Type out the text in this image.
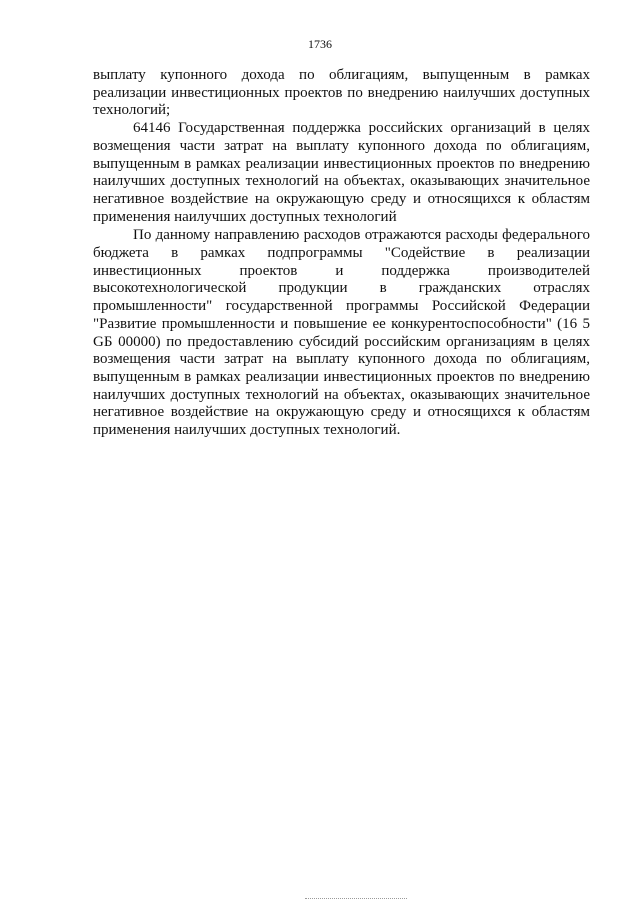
1736

выплату купонного дохода по облигациям, выпущенным в рамках реализации инвестиционных проектов по внедрению наилучших доступных технологий;

64146 Государственная поддержка российских организаций в целях возмещения части затрат на выплату купонного дохода по облигациям, выпущенным в рамках реализации инвестиционных проектов по внедрению наилучших доступных технологий на объектах, оказывающих значительное негативное воздействие на окружающую среду и относящихся к областям применения наилучших доступных технологий

По данному направлению расходов отражаются расходы федерального бюджета в рамках подпрограммы "Содействие в реализации инвестиционных проектов и поддержка производителей высокотехнологической продукции в гражданских отраслях промышленности" государственной программы Российской Федерации "Развитие промышленности и повышение ее конкурентоспособности" (16 5 GБ 00000) по предоставлению субсидий российским организациям в целях возмещения части затрат на выплату купонного дохода по облигациям, выпущенным в рамках реализации инвестиционных проектов по внедрению наилучших доступных технологий на объектах, оказывающих значительное негативное воздействие на окружающую среду и относящихся к областям применения наилучших доступных технологий.
